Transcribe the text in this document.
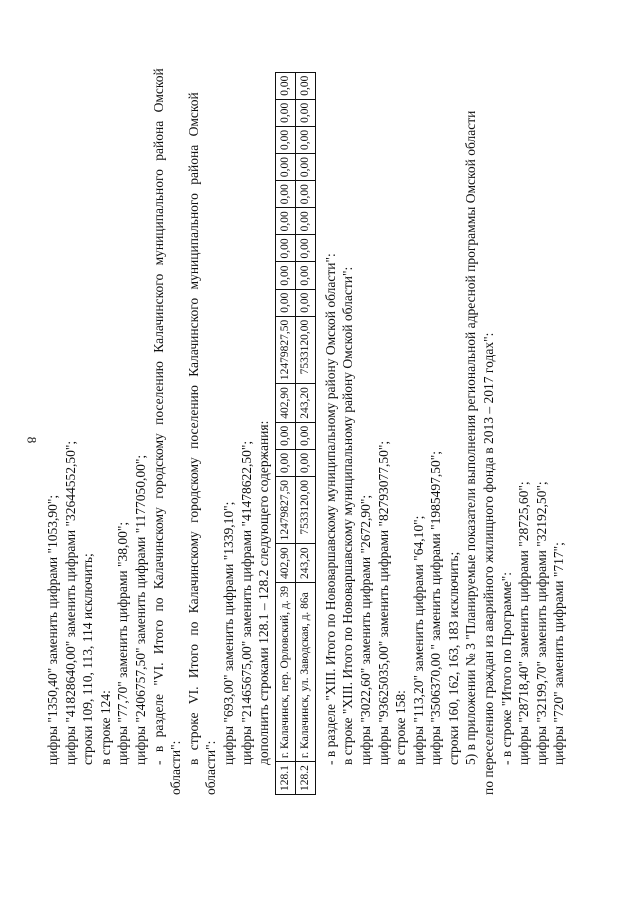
8
цифры "1350,40" заменить цифрами "1053,90"; цифры "41828640,00" заменить цифрами "32644552,50"; строки 109, 110, 113, 114 исключить; в строке 124: цифры "77,70" заменить цифрами "38,00"; цифры "2406757,50" заменить цифрами "1177050,00"; - в разделе "VI. Итого по Калачинскому городскому поселению Калачинского муниципального района Омской
области":
в строке VI. Итого по Калачинскому городскому поселению Калачинского муниципального района Омской
области":
цифры "693,00" заменить цифрами "1339,10"; цифры "21465675,00" заменить цифрами "41478622,50"; дополнить строками 128.1 – 128.2 следующего содержания:
128.1	г. Калачинск, пер. Орловский, д. 39	402,90	12479827,50	0,00	0,00	402,90	12479827,50	0,00	0,00	0,00	0,00	0,00	0,00	0,00	0,00	0,00
128.2	г. Калачинск, ул. Заводская, д. 86а	243,20	7533120,00	0,00	0,00	243,20	7533120,00	0,00	0,00	0,00	0,00	0,00	0,00	0,00	0,00	0,00
- в разделе "XIII. Итого по Нововаршавскому муниципальному району Омской области": в строке "XIII. Итого по Нововаршавскому муниципальному району Омской области": цифры "3022,60" заменить цифрами "2672,90"; цифры "93625035,00" заменить цифрами "82793077,50"; в строке 158: цифры "113,20" заменить цифрами "64,10"; цифры "3506370,00 " заменить цифрами "1985497,50"; строки 160, 162, 163, 183 исключить; 5) в приложении № 3 "Планируемые показатели выполнения региональной адресной программы Омской области по переселению граждан из аварийного жилищного фонда в 2013 – 2017 годах": - в строке "Итого по Программе": цифры "28718,40" заменить цифрами "28725,60"; цифры "32199,70" заменить цифрами "32192,50"; цифры "720" заменить цифрами "717";
